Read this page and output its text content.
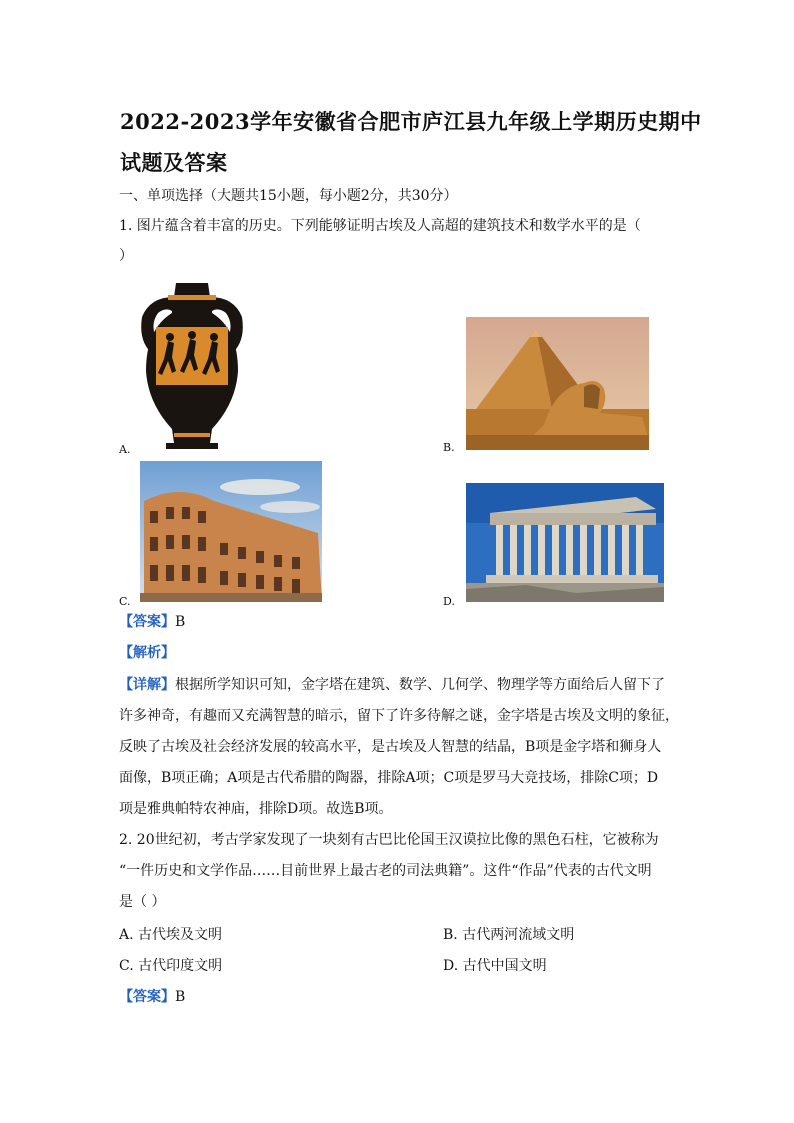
2022-2023学年安徽省合肥市庐江县九年级上学期历史期中
试题及答案
一、单项选择（大题共15小题，每小题2分，共30分）
1. 图片蕴含着丰富的历史。下列能够证明古埃及人高超的建筑技术和数学水平的是（
）
A.	B.
C.	D.
【答案】B
【解析】
【详解】根据所学知识可知，金字塔在建筑、数学、几何学、物理学等方面给后人留下了
许多神奇，有趣而又充满智慧的暗示，留下了许多待解之谜，金字塔是古埃及文明的象征，
反映了古埃及社会经济发展的较高水平，是古埃及人智慧的结晶，B项是金字塔和狮身人
面像，B项正确；A项是古代希腊的陶器，排除A项；C项是罗马大竞技场，排除C项；D
项是雅典帕特农神庙，排除D项。故选B项。
2. 20世纪初，考古学家发现了一块刻有古巴比伦国王汉谟拉比像的黑色石柱，它被称为
“一件历史和文学作品……目前世界上最古老的司法典籍”。这件“作品”代表的古代文明
是（ ）
A. 古代埃及文明	B. 古代两河流域文明
C. 古代印度文明	D. 古代中国文明
【答案】B
